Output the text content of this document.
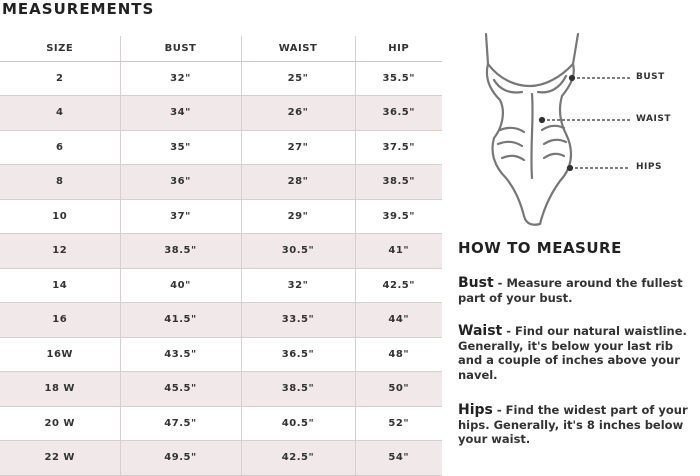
MEASUREMENTS
SIZE	BUST	WAIST	HIP
2	32"	25"	35.5"
4	34"	26"	36.5"
6	35"	27"	37.5"
8	36"	28"	38.5"
10	37"	29"	39.5"
12	38.5"	30.5"	41"
14	40"	32"	42.5"
16	41.5"	33.5"	44"
16W	43.5"	36.5"	48"
18 W	45.5"	38.5"	50"
20 W	47.5"	40.5"	52"
22 W	49.5"	42.5"	54"
BUST
WAIST
HIPS
HOW TO MEASURE
Bust - Measure around the fullest part of your bust.
Waist - Find our natural waistline. Generally, it's below your last rib and a couple of inches above your navel.
Hips - Find the widest part of your hips. Generally, it's 8 inches below your waist.
